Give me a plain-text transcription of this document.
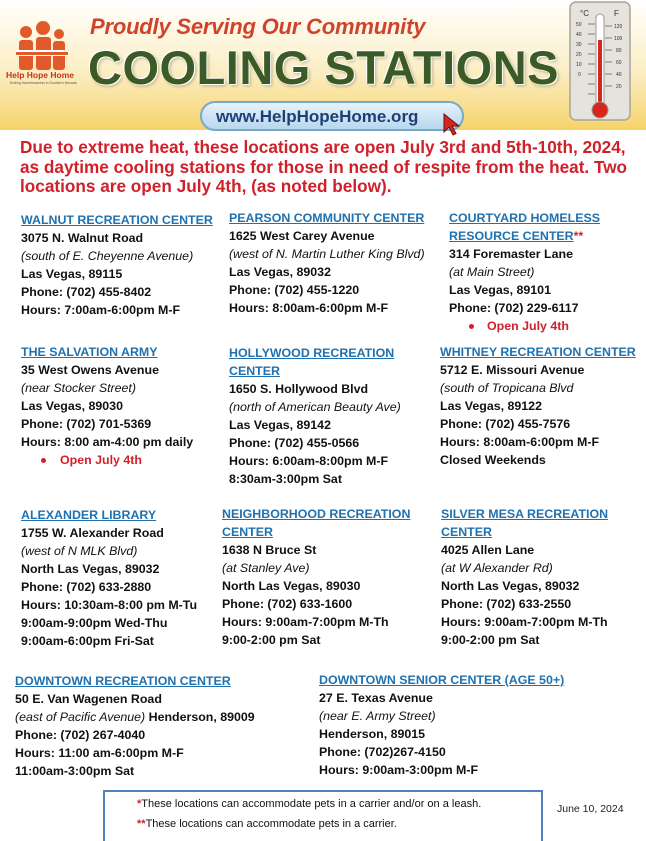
Help Hope Home
Ending Homelessness in Southern Nevada
Proudly Serving Our Community
COOLING STATIONS
°C	F
50
40
30
20
10
0
120
100
80
60
40
20
www.HelpHopeHome.org
Due to extreme heat, these locations are open July 3rd and 5th-10th, 2024, as daytime cooling stations for those in need of respite from the heat. Two locations are open July 4th, (as noted below).
WALNUT RECREATION CENTER
3075 N. Walnut Road
(south of E. Cheyenne Avenue)
Las Vegas, 89115
Phone: (702) 455-8402
Hours: 7:00am-6:00pm M-F
PEARSON COMMUNITY CENTER
1625 West Carey Avenue
(west of N. Martin Luther King Blvd)
Las Vegas, 89032
Phone: (702) 455-1220
Hours: 8:00am-6:00pm M-F
COURTYARD HOMELESS
RESOURCE CENTER**
314 Foremaster Lane
(at Main Street)
Las Vegas, 89101
Phone: (702) 229-6117
Open July 4th
THE SALVATION ARMY
35 West Owens Avenue
(near Stocker Street)
Las Vegas, 89030
Phone: (702) 701-5369
Hours: 8:00 am-4:00 pm daily
Open July 4th
HOLLYWOOD RECREATION
CENTER
1650 S. Hollywood Blvd
(north of American Beauty Ave)
Las Vegas, 89142
Phone: (702) 455-0566
Hours: 6:00am-8:00pm M-F
8:30am-3:00pm Sat
WHITNEY RECREATION CENTER
5712 E. Missouri Avenue
(south of Tropicana Blvd
Las Vegas, 89122
Phone: (702) 455-7576
Hours: 8:00am-6:00pm M-F
Closed Weekends
ALEXANDER LIBRARY
1755 W. Alexander Road
(west of N MLK Blvd)
North Las Vegas, 89032
Phone: (702) 633-2880
Hours: 10:30am-8:00 pm M-Tu
9:00am-9:00pm Wed-Thu
9:00am-6:00pm Fri-Sat
NEIGHBORHOOD RECREATION
CENTER
1638 N Bruce St
(at Stanley Ave)
North Las Vegas, 89030
Phone: (702) 633-1600
Hours: 9:00am-7:00pm M-Th
9:00-2:00 pm Sat
SILVER MESA RECREATION
CENTER
4025 Allen Lane
(at W Alexander Rd)
North Las Vegas, 89032
Phone: (702) 633-2550
Hours: 9:00am-7:00pm M-Th
9:00-2:00 pm Sat
DOWNTOWN RECREATION CENTER
50 E. Van Wagenen Road
(east of Pacific Avenue) Henderson, 89009
Phone: (702) 267-4040
Hours: 11:00 am-6:00pm M-F
11:00am-3:00pm Sat
DOWNTOWN SENIOR CENTER (AGE 50+)
27 E. Texas Avenue
(near E. Army Street)
Henderson, 89015
Phone: (702)267-4150
Hours: 9:00am-3:00pm M-F
*These locations can accommodate pets in a carrier and/or on a leash.
**These locations can accommodate pets in a carrier.
June 10, 2024
